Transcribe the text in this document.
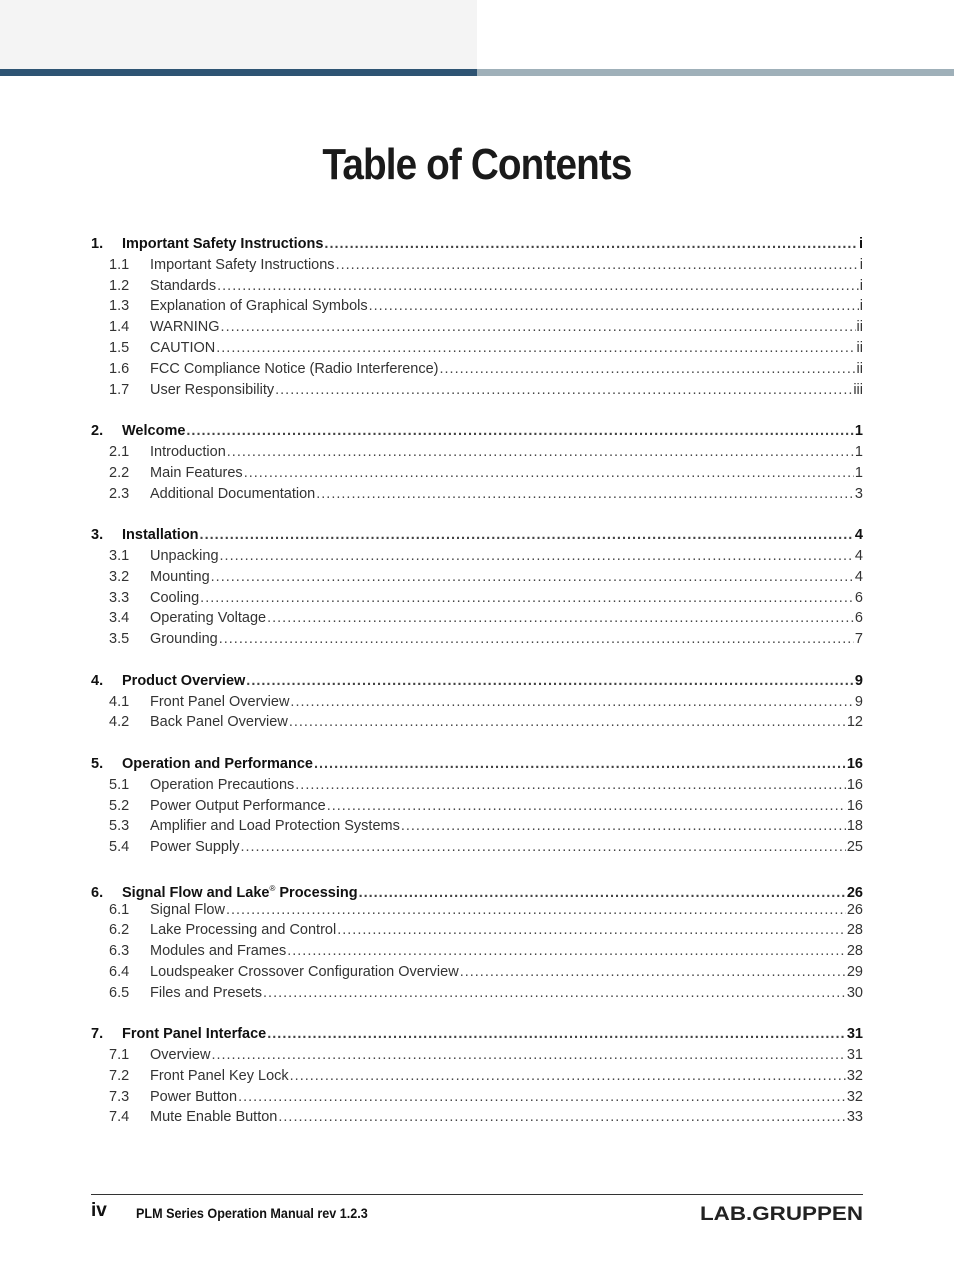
Table of Contents
1.	Important Safety Instructions .....	i
1.1	Important Safety Instructions .....	i
1.2	Standards .....	i
1.3	Explanation of Graphical Symbols .....	i
1.4	WARNING .....	ii
1.5	CAUTION .....	ii
1.6	FCC Compliance Notice (Radio Interference) .....	ii
1.7	User Responsibility .....	iii
2.	Welcome .....	1
2.1	Introduction .....	1
2.2	Main Features .....	1
2.3	Additional Documentation .....	3
3.	Installation .....	4
3.1	Unpacking .....	4
3.2	Mounting .....	4
3.3	Cooling .....	6
3.4	Operating Voltage .....	6
3.5	Grounding .....	7
4.	Product Overview .....	9
4.1	Front Panel Overview .....	9
4.2	Back Panel Overview .....	12
5.	Operation and Performance .....	16
5.1	Operation Precautions .....	16
5.2	Power Output Performance .....	16
5.3	Amplifier and Load Protection Systems .....	18
5.4	Power Supply .....	25
6.	Signal Flow and Lake® Processing .....	26
6.1	Signal Flow .....	26
6.2	Lake Processing and Control .....	28
6.3	Modules and Frames .....	28
6.4	Loudspeaker Crossover Configuration Overview .....	29
6.5	Files and Presets .....	30
7.	Front Panel Interface .....	31
7.1	Overview .....	31
7.2	Front Panel Key Lock .....	32
7.3	Power Button .....	32
7.4	Mute Enable Button .....	33
iv PLM Series Operation Manual rev 1.2.3	LAB.GRUPPEN
